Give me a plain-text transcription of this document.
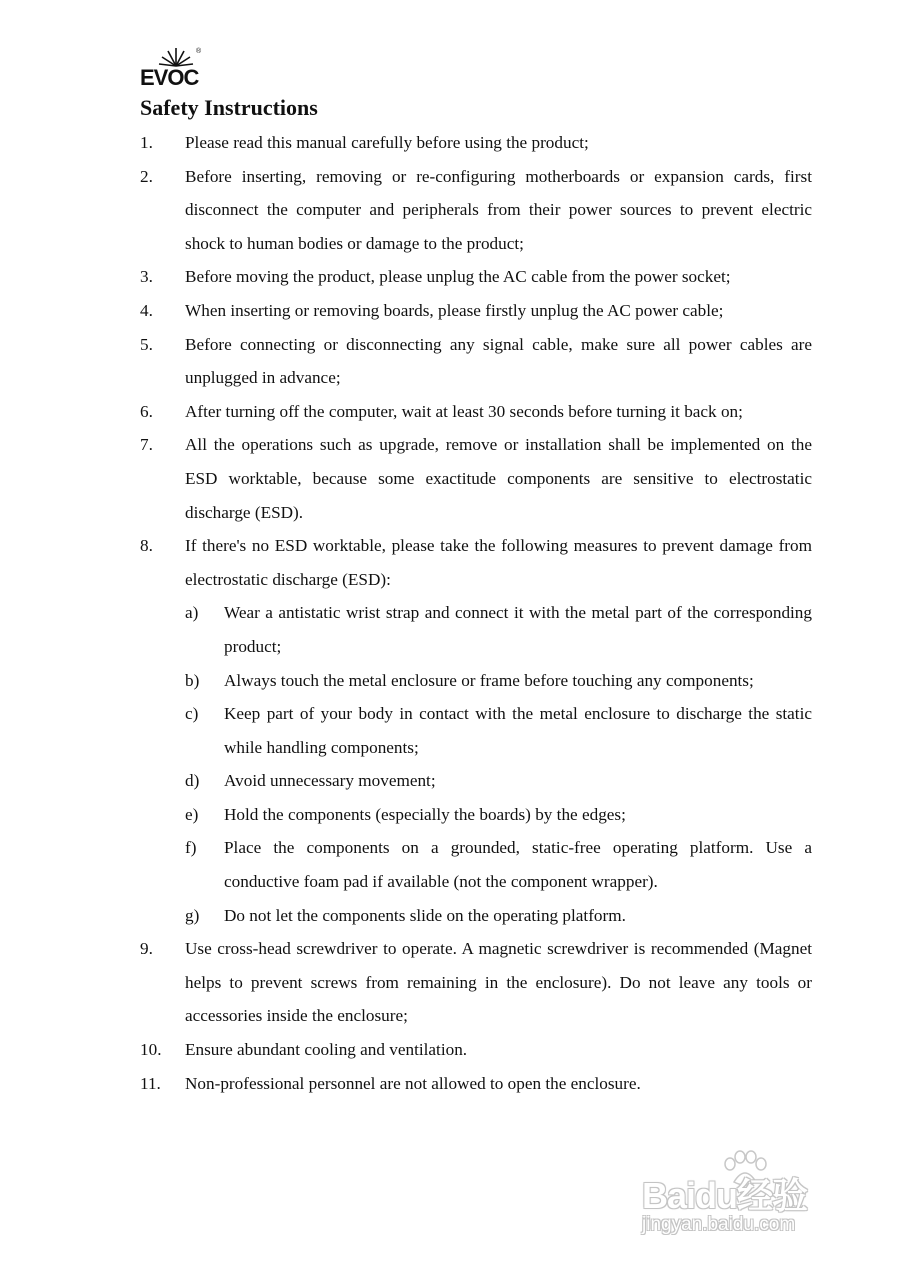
®
EVOC
Safety Instructions
1. Please read this manual carefully before using the product;
2. Before inserting, removing or re-configuring motherboards or expansion cards, first disconnect the computer and peripherals from their power sources to prevent electric shock to human bodies or damage to the product;
3. Before moving the product, please unplug the AC cable from the power socket;
4. When inserting or removing boards, please firstly unplug the AC power cable;
5. Before connecting or disconnecting any signal cable, make sure all power cables are unplugged in advance;
6. After turning off the computer, wait at least 30 seconds before turning it back on;
7. All the operations such as upgrade, remove or installation shall be implemented on the ESD worktable, because some exactitude components are sensitive to electrostatic discharge (ESD).
8. If there's no ESD worktable, please take the following measures to prevent damage from electrostatic discharge (ESD):
a) Wear a antistatic wrist strap and connect it with the metal part of the corresponding product;
b) Always touch the metal enclosure or frame before touching any components;
c) Keep part of your body in contact with the metal enclosure to discharge the static while handling components;
d) Avoid unnecessary movement;
e) Hold the components (especially the boards) by the edges;
f) Place the components on a grounded, static-free operating platform. Use a conductive foam pad if available (not the component wrapper).
g) Do not let the components slide on the operating platform.
9. Use cross-head screwdriver to operate. A magnetic screwdriver is recommended (Magnet helps to prevent screws from remaining in the enclosure). Do not leave any tools or accessories inside the enclosure;
10. Ensure abundant cooling and ventilation.
11. Non-professional personnel are not allowed to open the enclosure.
Baidu经验
jingyan.baidu.com
